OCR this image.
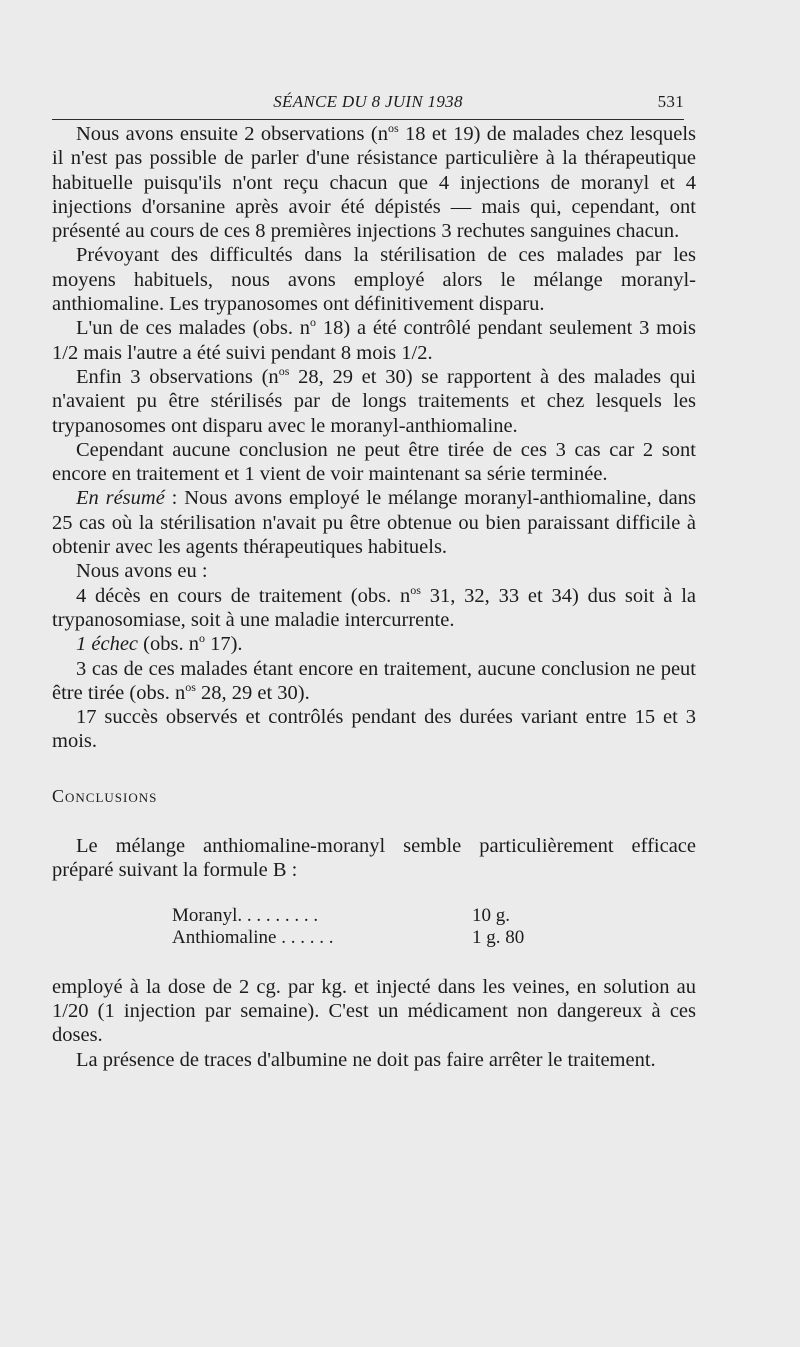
SÉANCE DU 8 JUIN 1938	531

Nous avons ensuite 2 observations ($n^{os}$ 18 et 19) de malades chez lesquels il n'est pas possible de parler d'une résistance particulière à la thérapeutique habituelle puisqu'ils n'ont reçu chacun que 4 injections de moranyl et 4 injections d'orsanine après avoir été dépistés — mais qui, cependant, ont présenté au cours de ces 8 premières injections 3 rechutes sanguines chacun.

Prévoyant des difficultés dans la stérilisation de ces malades par les moyens habituels, nous avons employé alors le mélange moranyl-anthiomaline. Les trypanosomes ont définitivement disparu.

L'un de ces malades (obs. $n^o$ 18) a été contrôlé pendant seulement 3 mois 1/2 mais l'autre a été suivi pendant 8 mois 1/2.

Enfin 3 observations ($n^{os}$ 28, 29 et 30) se rapportent à des malades qui n'avaient pu être stérilisés par de longs traitements et chez lesquels les trypanosomes ont disparu avec le moranyl-anthiomaline.

Cependant aucune conclusion ne peut être tirée de ces 3 cas car 2 sont encore en traitement et 1 vient de voir maintenant sa série terminée.

En résumé : Nous avons employé le mélange moranyl-anthiomaline, dans 25 cas où la stérilisation n'avait pu être obtenue ou bien paraissant difficile à obtenir avec les agents thérapeutiques habituels.

Nous avons eu :

4 décès en cours de traitement (obs. $n^{os}$ 31, 32, 33 et 34) dus soit à la trypanosomiase, soit à une maladie intercurrente.

1 échec (obs. $n^o$ 17).

3 cas de ces malades étant encore en traitement, aucune conclusion ne peut être tirée (obs. $n^{os}$ 28, 29 et 30).

17 succès observés et contrôlés pendant des durées variant entre 15 et 3 mois.

Conclusions

Le mélange anthiomaline-moranyl semble particulièrement efficace préparé suivant la formule B :

Moranyl. . . . . . . . .	10 g.
Anthiomaline . . . . . .	1 g. 80

employé à la dose de 2 cg. par kg. et injecté dans les veines, en solution au 1/20 (1 injection par semaine). C'est un médicament non dangereux à ces doses.

La présence de traces d'albumine ne doit pas faire arrêter le traitement.
